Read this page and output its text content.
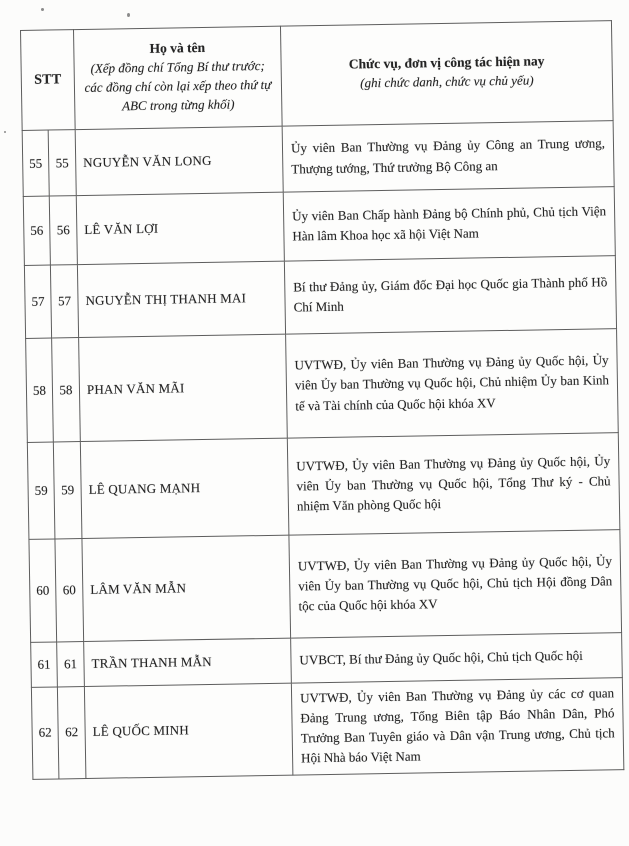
STT	
Họ và tên
(Xếp đồng chí Tổng Bí thư trước; các đồng chí còn lại xếp theo thứ tự ABC trong từng khối)

Chức vụ, đơn vị công tác hiện nay
(ghi chức danh, chức vụ chủ yếu)

55	55	NGUYỄN VĂN LONG	Ủy viên Ban Thường vụ Đảng ủy Công an Trung ương, Thượng tướng, Thứ trưởng Bộ Công an
56	56	LÊ VĂN LỢI	Ủy viên Ban Chấp hành Đảng bộ Chính phủ, Chủ tịch Viện Hàn lâm Khoa học xã hội Việt Nam
57	57	NGUYỄN THỊ THANH MAI	Bí thư Đảng ủy, Giám đốc Đại học Quốc gia Thành phố Hồ Chí Minh
58	58	PHAN VĂN MÃI	UVTWĐ, Ủy viên Ban Thường vụ Đảng ủy Quốc hội, Ủy viên Ủy ban Thường vụ Quốc hội, Chủ nhiệm Ủy ban Kinh tế và Tài chính của Quốc hội khóa XV
59	59	LÊ QUANG MẠNH	UVTWĐ, Ủy viên Ban Thường vụ Đảng ủy Quốc hội, Ủy viên Ủy ban Thường vụ Quốc hội, Tổng Thư ký - Chủ nhiệm Văn phòng Quốc hội
60	60	LÂM VĂN MẪN	UVTWĐ, Ủy viên Ban Thường vụ Đảng ủy Quốc hội, Ủy viên Ủy ban Thường vụ Quốc hội, Chủ tịch Hội đồng Dân tộc của Quốc hội khóa XV
61	61	TRẦN THANH MẪN	UVBCT, Bí thư Đảng ủy Quốc hội, Chủ tịch Quốc hội
62	62	LÊ QUỐC MINH	UVTWĐ, Ủy viên Ban Thường vụ Đảng ủy các cơ quan Đảng Trung ương, Tổng Biên tập Báo Nhân Dân, Phó Trưởng Ban Tuyên giáo và Dân vận Trung ương, Chủ tịch Hội Nhà báo Việt Nam
